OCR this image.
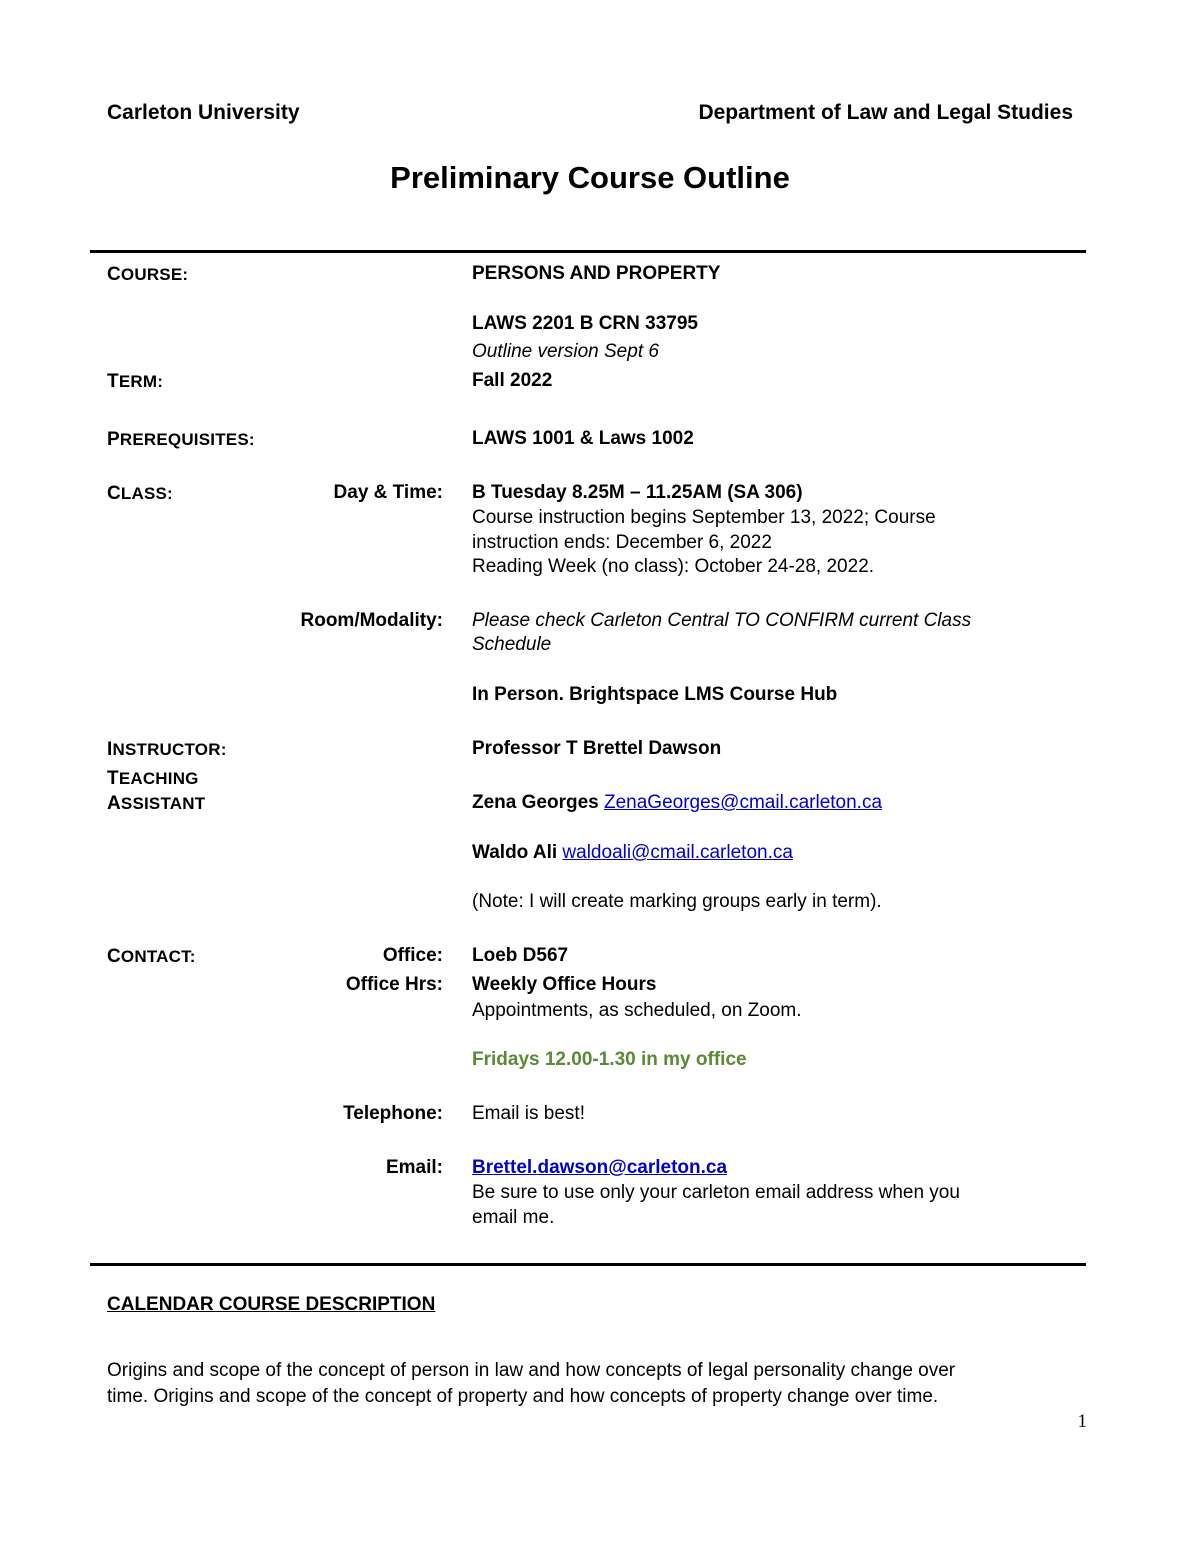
Carleton University	Department of Law and Legal Studies
Preliminary Course Outline
COURSE:	PERSONS AND PROPERTY
LAWS 2201 B CRN 33795
Outline version Sept 6
TERM:	Fall 2022
PREREQUISITES:	LAWS 1001 & Laws 1002
CLASS:	Day & Time: B Tuesday 8.25M – 11.25AM (SA 306)
Course instruction begins September 13, 2022; Course
instruction ends: December 6, 2022
Reading Week (no class): October 24-28, 2022.
Room/Modality: Please check Carleton Central TO CONFIRM current Class
Schedule
In Person. Brightspace LMS Course Hub
INSTRUCTOR:	Professor T Brettel Dawson
TEACHING
ASSISTANT	Zena Georges ZenaGeorges@cmail.carleton.ca
Waldo Ali waldoali@cmail.carleton.ca
(Note: I will create marking groups early in term).
CONTACT:	Office: Loeb D567
Office Hrs: Weekly Office Hours
Appointments, as scheduled, on Zoom.
Fridays 12.00-1.30 in my office
Telephone: Email is best!
Email: Brettel.dawson@carleton.ca
Be sure to use only your carleton email address when you
email me.
CALENDAR COURSE DESCRIPTION
Origins and scope of the concept of person in law and how concepts of legal personality change over
time. Origins and scope of the concept of property and how concepts of property change over time.
1
